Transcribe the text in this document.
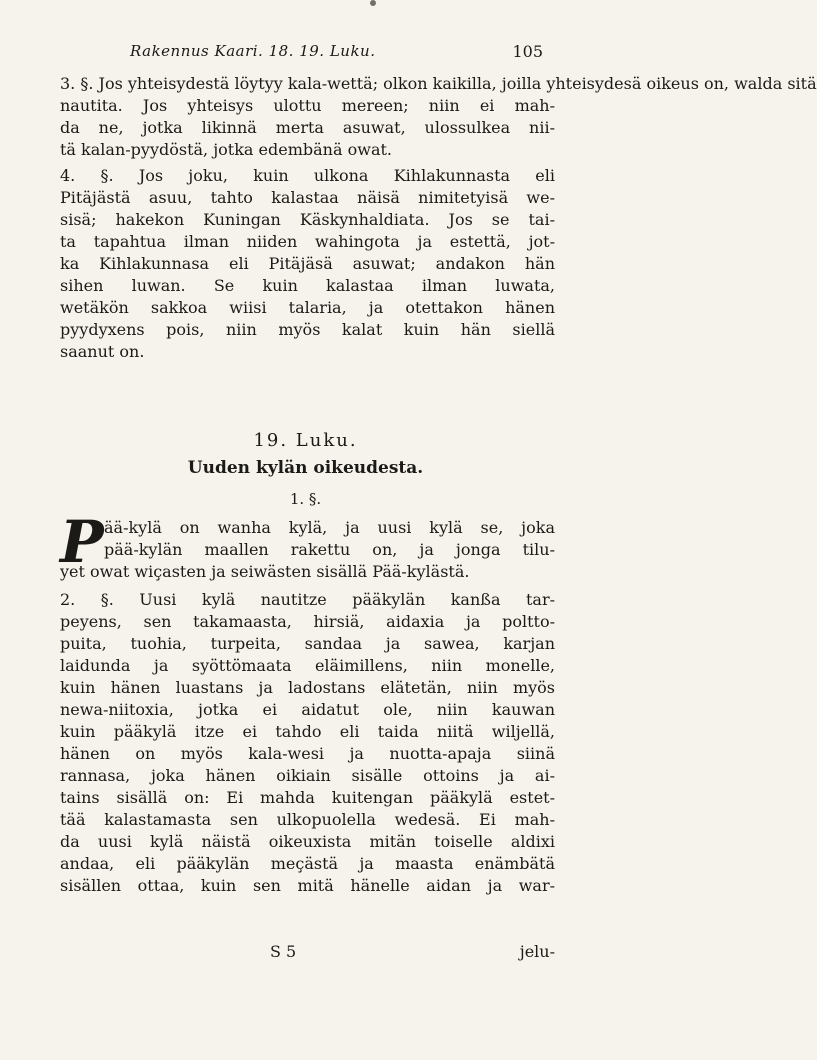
Rakennus Kaari. 18. 19. Luku.	105
3. §. Jos yhteisydestä löytyy kala-wettä; olkon kaikilla, joilla yhteisydesä oikeus on, walda sitä
nautita. Jos yhteisys ulottu mereen; niin ei mah-
da ne, jotka likinnä merta asuwat, ulossulkea nii-
tä kalan-pyydöstä, jotka edembänä owat.
4. §. Jos joku, kuin ulkona Kihlakunnasta eli
Pitäjästä asuu, tahto kalastaa näisä nimitetyisä we-
sisä; hakekon Kuningan Käskynhaldiata. Jos se tai-
ta tapahtua ilman niiden wahingota ja estettä, jot-
ka Kihlakunnasa eli Pitäjäsä asuwat; andakon hän
sihen luwan. Se kuin kalastaa ilman luwata,
wetäkön sakkoa wiisi talaria, ja otettakon hänen
pyydyxens pois, niin myös kalat kuin hän siellä
saanut on.
19. Luku.
Uuden kylän oikeudesta.
1. §.
P ää-kylä on wanha kylä, ja uusi kylä se, joka
pää-kylän maallen rakettu on, ja jonga tilu-
yet owat wiçasten ja seiwästen sisällä Pää-kylästä.
2. §. Uusi kylä nautitze pääkylän kanßa tar-
peyens, sen takamaasta, hirsiä, aidaxia ja poltto-
puita, tuohia, turpeita, sandaa ja sawea, karjan
laidunda ja syöttömaata eläimillens, niin monelle,
kuin hänen luastans ja ladostans elätetän, niin myös
newa-niitoxia, jotka ei aidatut ole, niin kauwan
kuin pääkylä itze ei tahdo eli taida niitä wiljellä,
hänen on myös kala-wesi ja nuotta-apaja siinä
rannasa, joka hänen oikiain sisälle ottoins ja ai-
tains sisällä on: Ei mahda kuitengan pääkylä estet-
tää kalastamasta sen ulkopuolella wedesä. Ei mah-
da uusi kylä näistä oikeuxista mitän toiselle aldixi
andaa, eli pääkylän meçästä ja maasta enämbätä
sisällen ottaa, kuin sen mitä hänelle aidan ja war-
S 5	jelu-
